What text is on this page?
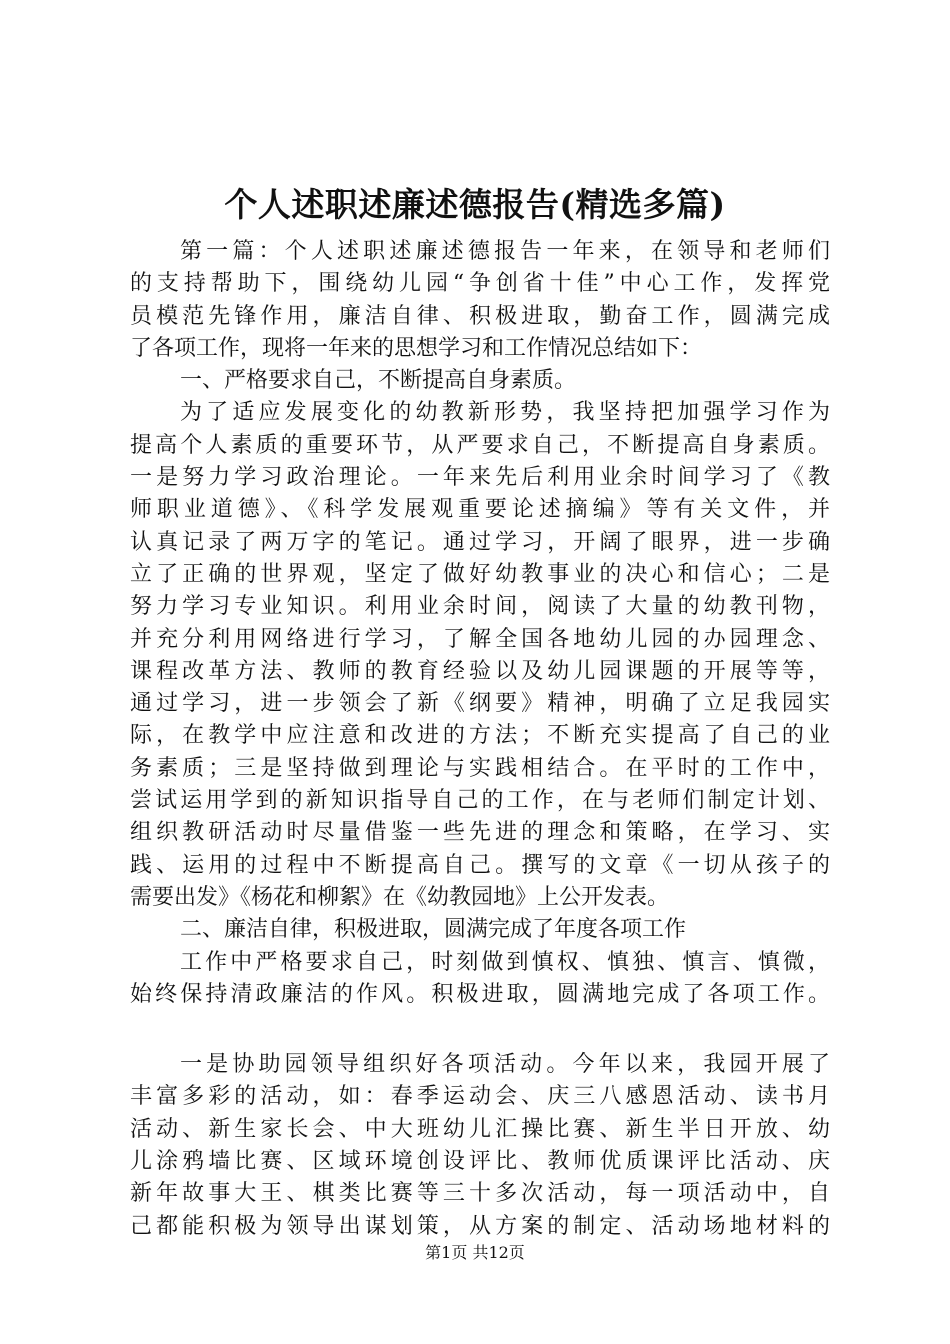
个人述职述廉述德报告(精选多篇)
第一篇：个人述职述廉述德报告一年来，在领导和老师们
的支持帮助下，围绕幼儿园“争创省十佳”中心工作，发挥党
员模范先锋作用，廉洁自律、积极进取，勤奋工作，圆满完成
了各项工作，现将一年来的思想学习和工作情况总结如下：
一、严格要求自己，不断提高自身素质。
为了适应发展变化的幼教新形势，我坚持把加强学习作为
提高个人素质的重要环节，从严要求自己，不断提高自身素质。
一是努力学习政治理论。一年来先后利用业余时间学习了《教
师职业道德》、《科学发展观重要论述摘编》等有关文件，并
认真记录了两万字的笔记。通过学习，开阔了眼界，进一步确
立了正确的世界观，坚定了做好幼教事业的决心和信心；二是
努力学习专业知识。利用业余时间，阅读了大量的幼教刊物，
并充分利用网络进行学习，了解全国各地幼儿园的办园理念、
课程改革方法、教师的教育经验以及幼儿园课题的开展等等，
通过学习，进一步领会了新《纲要》精神，明确了立足我园实
际，在教学中应注意和改进的方法；不断充实提高了自己的业
务素质；三是坚持做到理论与实践相结合。在平时的工作中，
尝试运用学到的新知识指导自己的工作，在与老师们制定计划、
组织教研活动时尽量借鉴一些先进的理念和策略，在学习、实
践、运用的过程中不断提高自己。撰写的文章《一切从孩子的
需要出发》《杨花和柳絮》在《幼教园地》上公开发表。
二、廉洁自律，积极进取，圆满完成了年度各项工作
工作中严格要求自己，时刻做到慎权、慎独、慎言、慎微，
始终保持清政廉洁的作风。积极进取，圆满地完成了各项工作。
一是协助园领导组织好各项活动。今年以来，我园开展了
丰富多彩的活动，如：春季运动会、庆三八感恩活动、读书月
活动、新生家长会、中大班幼儿汇操比赛、新生半日开放、幼
儿涂鸦墙比赛、区域环境创设评比、教师优质课评比活动、庆
新年故事大王、棋类比赛等三十多次活动，每一项活动中，自
己都能积极为领导出谋划策，从方案的制定、活动场地材料的
第1页 共12页
